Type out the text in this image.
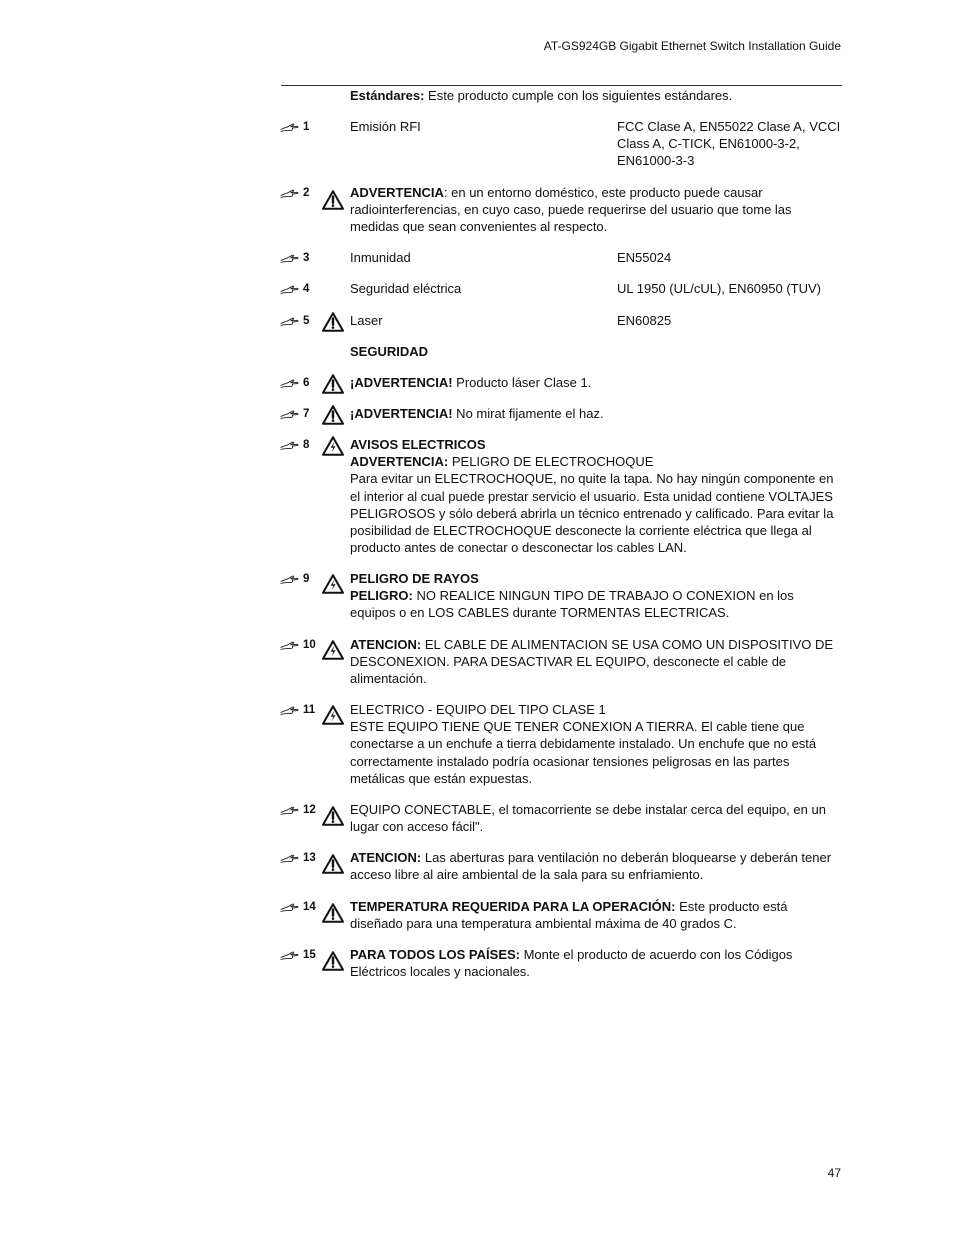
AT-GS924GB Gigabit Ethernet Switch Installation Guide
Estándares: Este producto cumple con los siguientes estándares.
1	Emisión RFI	FCC Clase A, EN55022 Clase A, VCCI Class A, C-TICK, EN61000-3-2, EN61000-3-3
2	ADVERTENCIA: en un entorno doméstico, este producto puede causar radiointerferencias, en cuyo caso, puede requerirse del usuario que tome las medidas que sean convenientes al respecto.
3	Inmunidad	EN55024
4	Seguridad eléctrica	UL 1950 (UL/cUL), EN60950 (TUV)
5	Laser	EN60825
SEGURIDAD
6	¡ADVERTENCIA! Producto láser Clase 1.
7	¡ADVERTENCIA! No mirat fijamente el haz.
8	AVISOS ELECTRICOS
ADVERTENCIA: PELIGRO DE ELECTROCHOQUE
Para evitar un ELECTROCHOQUE, no quite la tapa. No hay ningún componente en el interior al cual puede prestar servicio el usuario. Esta unidad contiene VOLTAJES PELIGROSOS y sólo deberá abrirla un técnico entrenado y calificado. Para evitar la posibilidad de ELECTROCHOQUE desconecte la corriente eléctrica que llega al producto antes de conectar o desconectar los cables LAN.
9	PELIGRO DE RAYOS
PELIGRO: NO REALICE NINGUN TIPO DE TRABAJO O CONEXION en los equipos o en LOS CABLES durante TORMENTAS ELECTRICAS.
10	ATENCION: EL CABLE DE ALIMENTACION SE USA COMO UN DISPOSITIVO DE DESCONEXION. PARA DESACTIVAR EL EQUIPO, desconecte el cable de alimentación.
11	ELECTRICO - EQUIPO DEL TIPO CLASE 1
ESTE EQUIPO TIENE QUE TENER CONEXION A TIERRA. El cable tiene que conectarse a un enchufe a tierra debidamente instalado. Un enchufe que no está correctamente instalado podría ocasionar tensiones peligrosas en las partes metálicas que están expuestas.
12	EQUIPO CONECTABLE, el tomacorriente se debe instalar cerca del equipo, en un lugar con acceso fácil".
13	ATENCION: Las aberturas para ventilación no deberán bloquearse y deberán tener acceso libre al aire ambiental de la sala para su enfriamiento.
14	TEMPERATURA REQUERIDA PARA LA OPERACIÓN: Este producto está diseñado para una temperatura ambiental máxima de 40 grados C.
15	PARA TODOS LOS PAÍSES: Monte el producto de acuerdo con los Códigos Eléctricos locales y nacionales.
47
